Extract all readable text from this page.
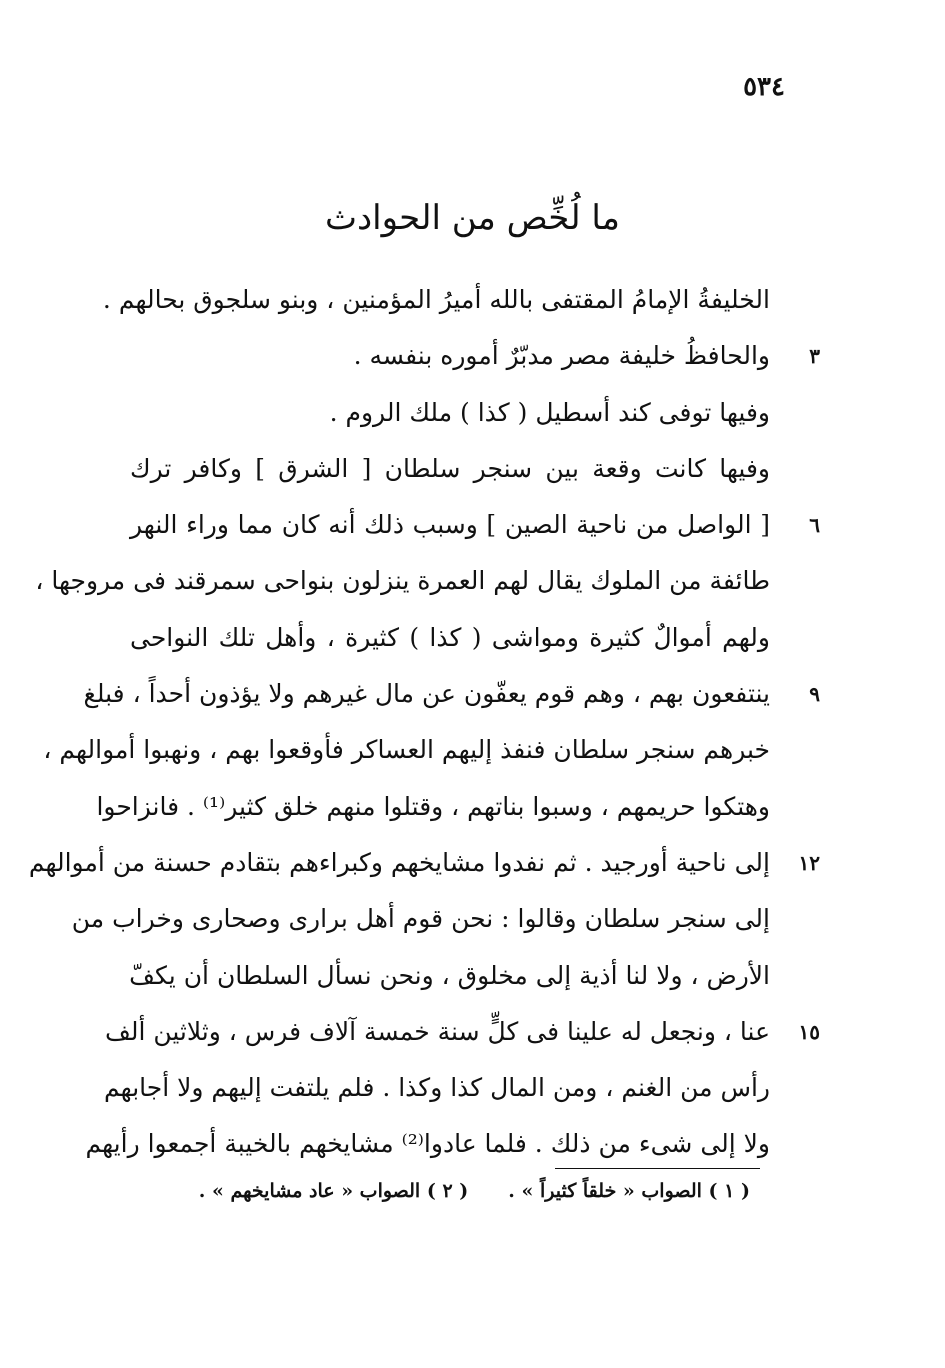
٥٣٤
ما لُخِّص من الحوادث
الخليفةُ الإمامُ المقتفى بالله أميرُ المؤمنين ، وبنو سلجوق بحالهم .
٣
والحافظُ خليفة مصر مدبّرٌ أموره بنفسه .
وفيها توفى كند أسطيل ( كذا ) ملك الروم .
وفيها كانت وقعة بين سنجر سلطان [ الشرق ] وكافر ترك
٦
[ الواصل من ناحية الصين ] وسبب ذلك أنه كان مما وراء النهر
طائفة من الملوك يقال لهم العمرة ينزلون بنواحى سمرقند فى مروجها ،
ولهم أموالٌ كثيرة ومواشى ( كذا ) كثيرة ، وأهل تلك النواحى
٩
ينتفعون بهم ، وهم قوم يعفّون عن مال غيرهم ولا يؤذون أحداً ، فبلغ
خبرهم سنجر سلطان فنفذ إليهم العساكر فأوقعوا بهم ، ونهبوا أموالهم ،
وهتكوا حريمهم ، وسبوا بناتهم ، وقتلوا منهم خلق كثير⁽¹⁾ . فانزاحوا
١٢
إلى ناحية أورجيد . ثم نفدوا مشايخهم وكبراءهم بتقادم حسنة من أموالهم
إلى سنجر سلطان وقالوا : نحن قوم أهل برارى وصحارى وخراب من
الأرض ، ولا لنا أذية إلى مخلوق ، ونحن نسأل السلطان أن يكفّ
١٥
عنا ، ونجعل له علينا فى كلٍّ سنة خمسة آلاف فرس ، وثلاثين ألف
رأس من الغنم ، ومن المال كذا وكذا . فلم يلتفت إليهم ولا أجابهم
ولا إلى شىء من ذلك . فلما عادوا⁽²⁾ مشايخهم بالخيبة أجمعوا رأيهم
( ١ ) الصواب « خلقاً كثيراً » .( ٢ ) الصواب « عاد مشايخهم » .
